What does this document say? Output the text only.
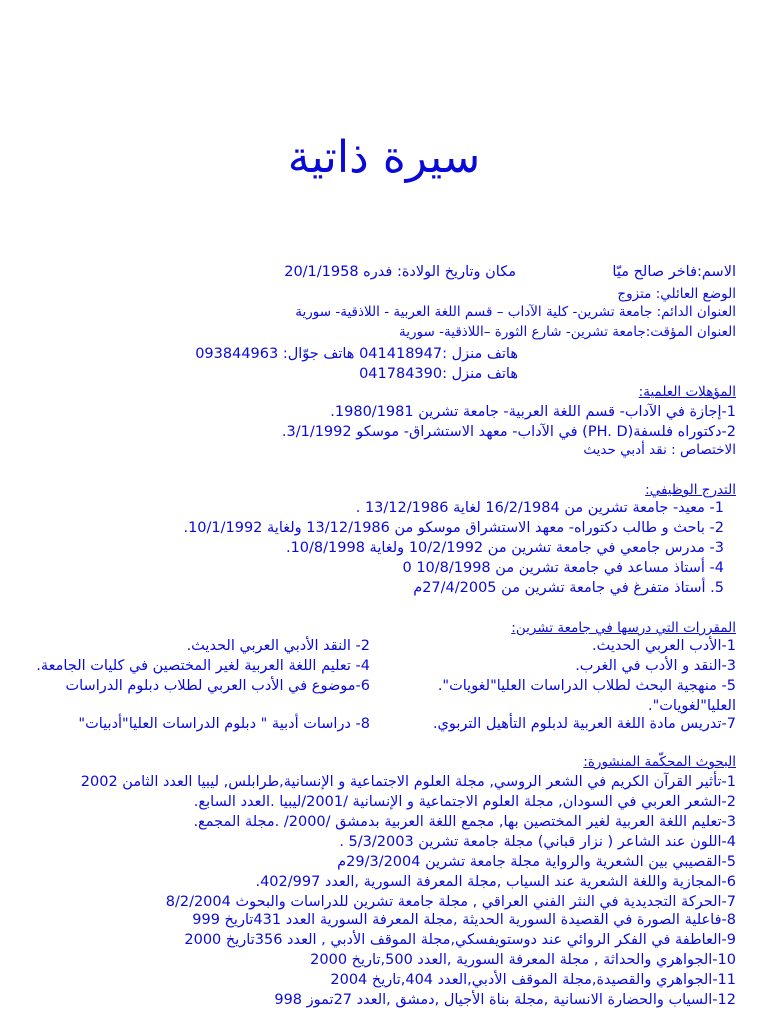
سيرة ذاتية
الاسم:فاخر صالح ميّا
مكان وتاريخ الولادة: فدره 20/1/1958
الوضع العائلي: متزوج
العنوان الدائم: جامعة تشرين- كلية الآداب – قسم اللغة العربية - اللاذقية- سورية
العنوان المؤقت:جامعة تشرين- شارع الثورة –اللاذقية- سورية
هاتف منزل :041418947 هاتف جوّال: 093844963
هاتف منزل :041784390
المؤهلات العلمية:
1-إجازة في الآداب- قسم اللغة العربية- جامعة تشرين 1980/1981.
2-دكتوراه فلسفة(PH. D) في الآداب- معهد الاستشراق- موسكو 3/1/1992.
الاختصاص : نقد أدبي حديث
التدرج الوظيفي:
1- معيد- جامعة تشرين من 16/2/1984 لغاية 13/12/1986 .
2- باحث و طالب دكتوراه- معهد الاستشراق موسكو من 13/12/1986 ولغاية 10/1/1992.
3- مدرس جامعي في جامعة تشرين من 10/2/1992 ولغاية 10/8/1998.
4- أستاذ مساعد في جامعة تشرين من 10/8/1998 0
5. أستاذ متفرغ في جامعة تشرين من 27/4/2005م
المقررات التي درسها في جامعة تشرين:
1-الأدب العربي الحديث.
2- النقد الأدبي العربي الحديث.
3-النقد و الأدب في الغرب.
4- تعليم اللغة العربية لغير المختصين في كليات الجامعة.
5- منهجية البحث لطلاب الدراسات العليا"لغويات".
6-موضوع في الأدب العربي لطلاب دبلوم الدراسات
العليا"لغويات".
7-تدريس مادة اللغة العربية لدبلوم التأهيل التربوي.
8- دراسات أدبية " دبلوم الدراسات العليا"أدبيات"
البحوث المحكّمة المنشورة:
1-تأثير القرآن الكريم في الشعر الروسي, مجلة العلوم الاجتماعية و الإنسانية,طرابلس, ليبيا العدد الثامن 2002
2-الشعر العربي في السودان, مجلة العلوم الاجتماعية و الإنسانية /2001/ليبيا .العدد السابع.
3-تعليم اللغة العربية لغير المختصين بها, مجمع اللغة العربية بدمشق /2000/ .مجلة المجمع.
4-اللون عند الشاعر ( نزار قباني) مجلة جامعة تشرين 5/3/2003 .
5-القصيبي بين الشعرية والرواية مجلة جامعة تشرين 29/3/2004م
6-المجازية واللغة الشعرية عند السياب ,مجلة المعرفة السورية ,العدد 402/997.
7-الحركة التجديدية في النثر الفني العراقي , مجلة جامعة تشرين للدراسات والبحوث 8/2/2004
8-فاعلية الصورة في القصيدة السورية الحديثة ,مجلة المعرفة السورية العدد 431تاريخ 999
9-العاطفة في الفكر الروائي عند دوستويفسكي,مجلة الموقف الأدبي , العدد 356تاريخ 2000
10-الجواهري والحداثة , مجلة المعرفة السورية ,العدد 500,تاريخ 2000
11-الجواهري والقصيدة,مجلة الموقف الأدبي,العدد 404,تاريخ 2004
12-السياب والحضارة الانسانية ,مجلة بناة الأجيال ,دمشق ,العدد 27تموز 998
